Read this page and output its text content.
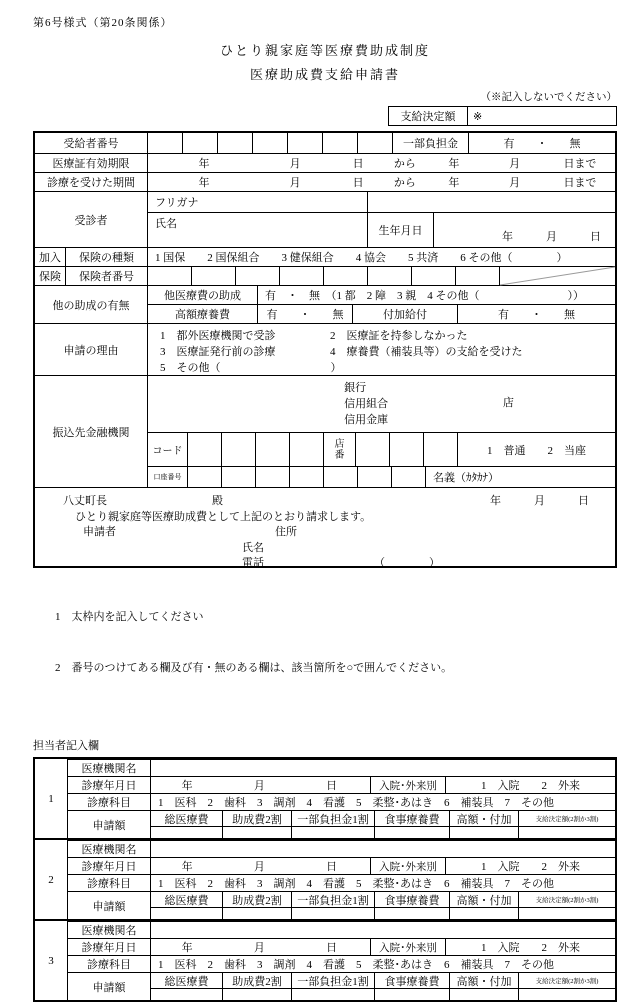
第6号様式（第20条関係）
ひとり親家庭等医療費助成制度
医療助成費支給申請書
（※記入しないでください）
支給決定額	※
受給者番号	一部負担金	有　　・　　無
医療証有効期限	年	月	日	から	年	月	日まで
診療を受けた期間	年	月	日	から	年	月	日まで
受診者
フリガナ
氏名
生年月日	年　　　月　　　日
加入	保険の種類	1 国保　　2 国保組合　　3 健保組合　　4 協会　　5 共済　　6 その他（　　　　）
保険	保険者番号
他の助成の有無
他医療費の助成	有　・　無　（1 都　2 障　3 親　4 その他（　　　　　　　　））
高額療養費	有　　・　　無	付加給付	有　　・　　無
申請の理由
1　都外医療機関で受診	2　医療証を持参しなかった
3　医療証発行前の診療	4　療養費（補装具等）の支給を受けた
5　その他（	）
振込先金融機関
銀行
信用組合
信用金庫
店
コード
店番	1　普通　　2　当座
口座番号	名義（ｶﾀｶﾅ）
八丈町長	殿	年　　　月　　　日
ひとり親家庭等医療助成費として上記のとおり請求します。
申請者	住所
氏名
電話	（　　　　）

1　太枠内を記入してください

2　番号のつけてある欄及び有・無のある欄は、該当箇所を○で囲んでください。

担当者記入欄
1
医療機関名
診療年月日	年	月	日	入院･外来別	1　入院　　2　外来
診療科目	1　医科　2　歯科　3　調剤　4　看護　5　柔整･あはき　6　補装具　7　その他
申請額	総医療費	助成費2割	一部負担金1割	食事療養費	高額・付加	支給決定額(2割か3割)
2
医療機関名
診療年月日	年	月	日	入院･外来別	1　入院　　2　外来
診療科目	1　医科　2　歯科　3　調剤　4　看護　5　柔整･あはき　6　補装具　7　その他
申請額	総医療費	助成費2割	一部負担金1割	食事療養費	高額・付加	支給決定額(2割か3割)
3
医療機関名
診療年月日	年	月	日	入院･外来別	1　入院　　2　外来
診療科目	1　医科　2　歯科　3　調剤　4　看護　5　柔整･あはき　6　補装具　7　その他
申請額	総医療費	助成費2割	一部負担金1割	食事療養費	高額・付加	支給決定額(2割か3割)
